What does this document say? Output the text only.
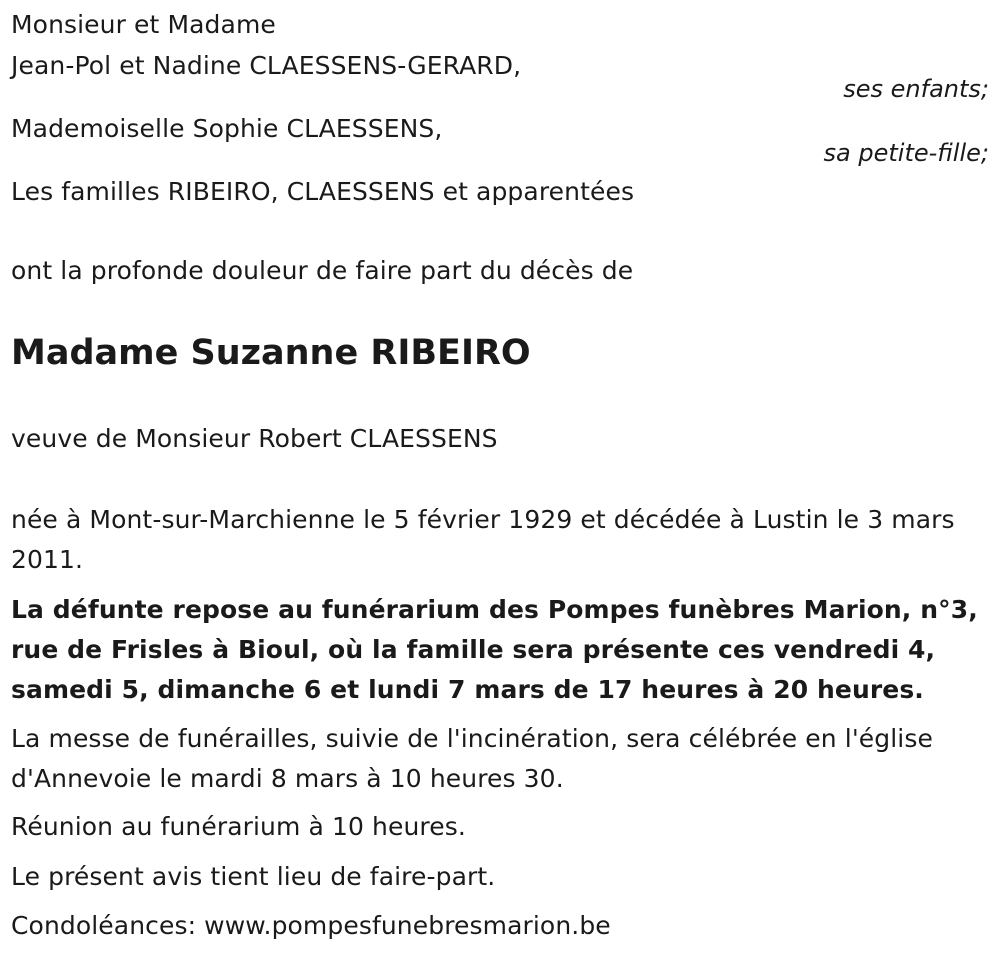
Monsieur et Madame
Jean-Pol et Nadine CLAESSENS-GERARD,
ses enfants;
Mademoiselle Sophie CLAESSENS,
sa petite-fille;
Les familles RIBEIRO, CLAESSENS et apparentées
ont la profonde douleur de faire part du décès de
Madame Suzanne RIBEIRO
veuve de Monsieur Robert CLAESSENS
née à Mont-sur-Marchienne le 5 février 1929 et décédée à Lustin le 3 mars 2011.
La défunte repose au funérarium des Pompes funèbres Marion, n°3, rue de Frisles à Bioul, où la famille sera présente ces vendredi 4, samedi 5, dimanche 6 et lundi 7 mars de 17 heures à 20 heures.
La messe de funérailles, suivie de l'incinération, sera célébrée en l'église d'Annevoie le mardi 8 mars à 10 heures 30.
Réunion au funérarium à 10 heures.
Le présent avis tient lieu de faire-part.
Condoléances: www.pompesfunebresmarion.be
